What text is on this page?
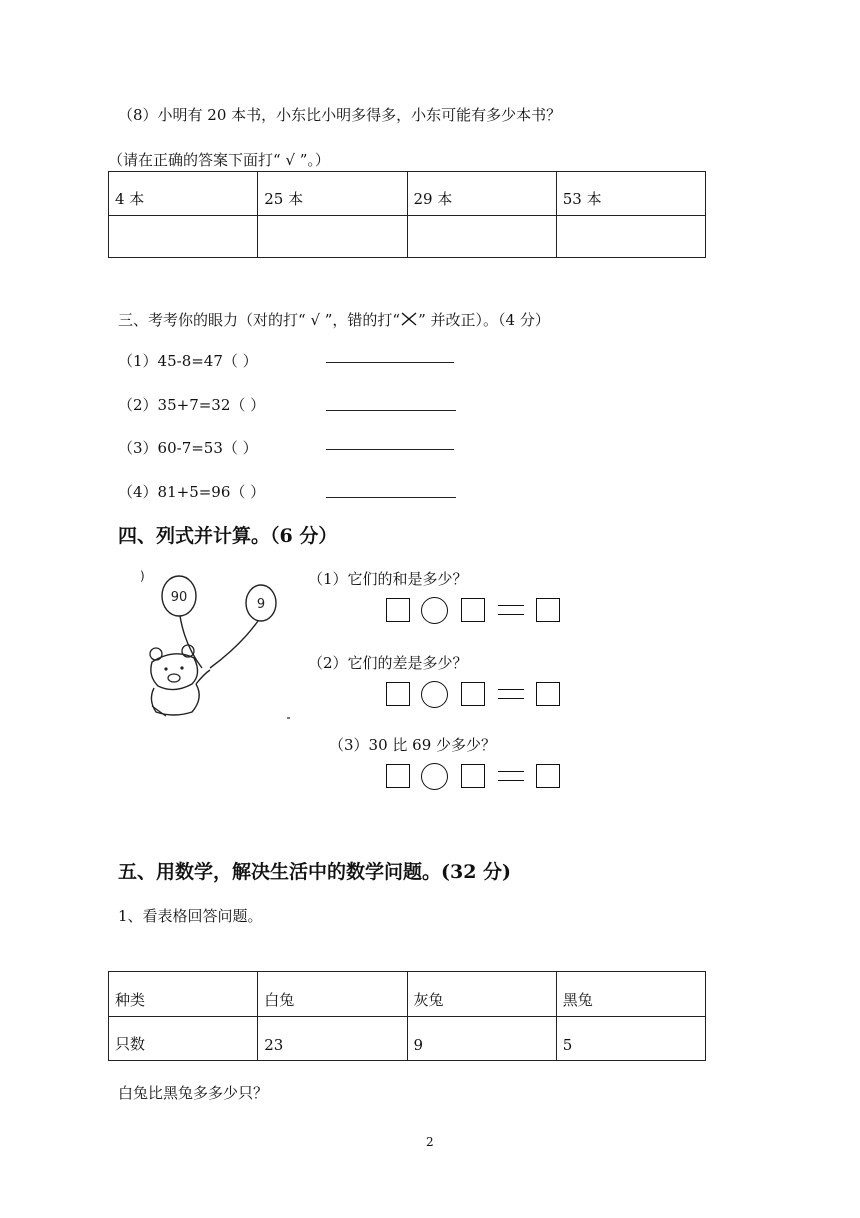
（8）小明有 20 本书，小东比小明多得多，小东可能有多少本书？
（请在正确的答案下面打“ √ ”。）
4 本	25 本	29 本	53 本

三、考考你的眼力（对的打“ √ ”，错的打“ ” 并改正）。（4 分）
（1）45-8=47（ ）
（2）35+7=32（ ）
（3）60-7=53（ ）
（4）81+5=96（ ）
四、列式并计算。（6 分）
)
90	9
（1）它们的和是多少？
（2）它们的差是多少？
（3）30 比 69 少多少？
五、用数学，解决生活中的数学问题。(32 分)
1、看表格回答问题。
种类	白兔	灰兔	黑兔
只数	23	9	5
白兔比黑兔多多少只？
2
